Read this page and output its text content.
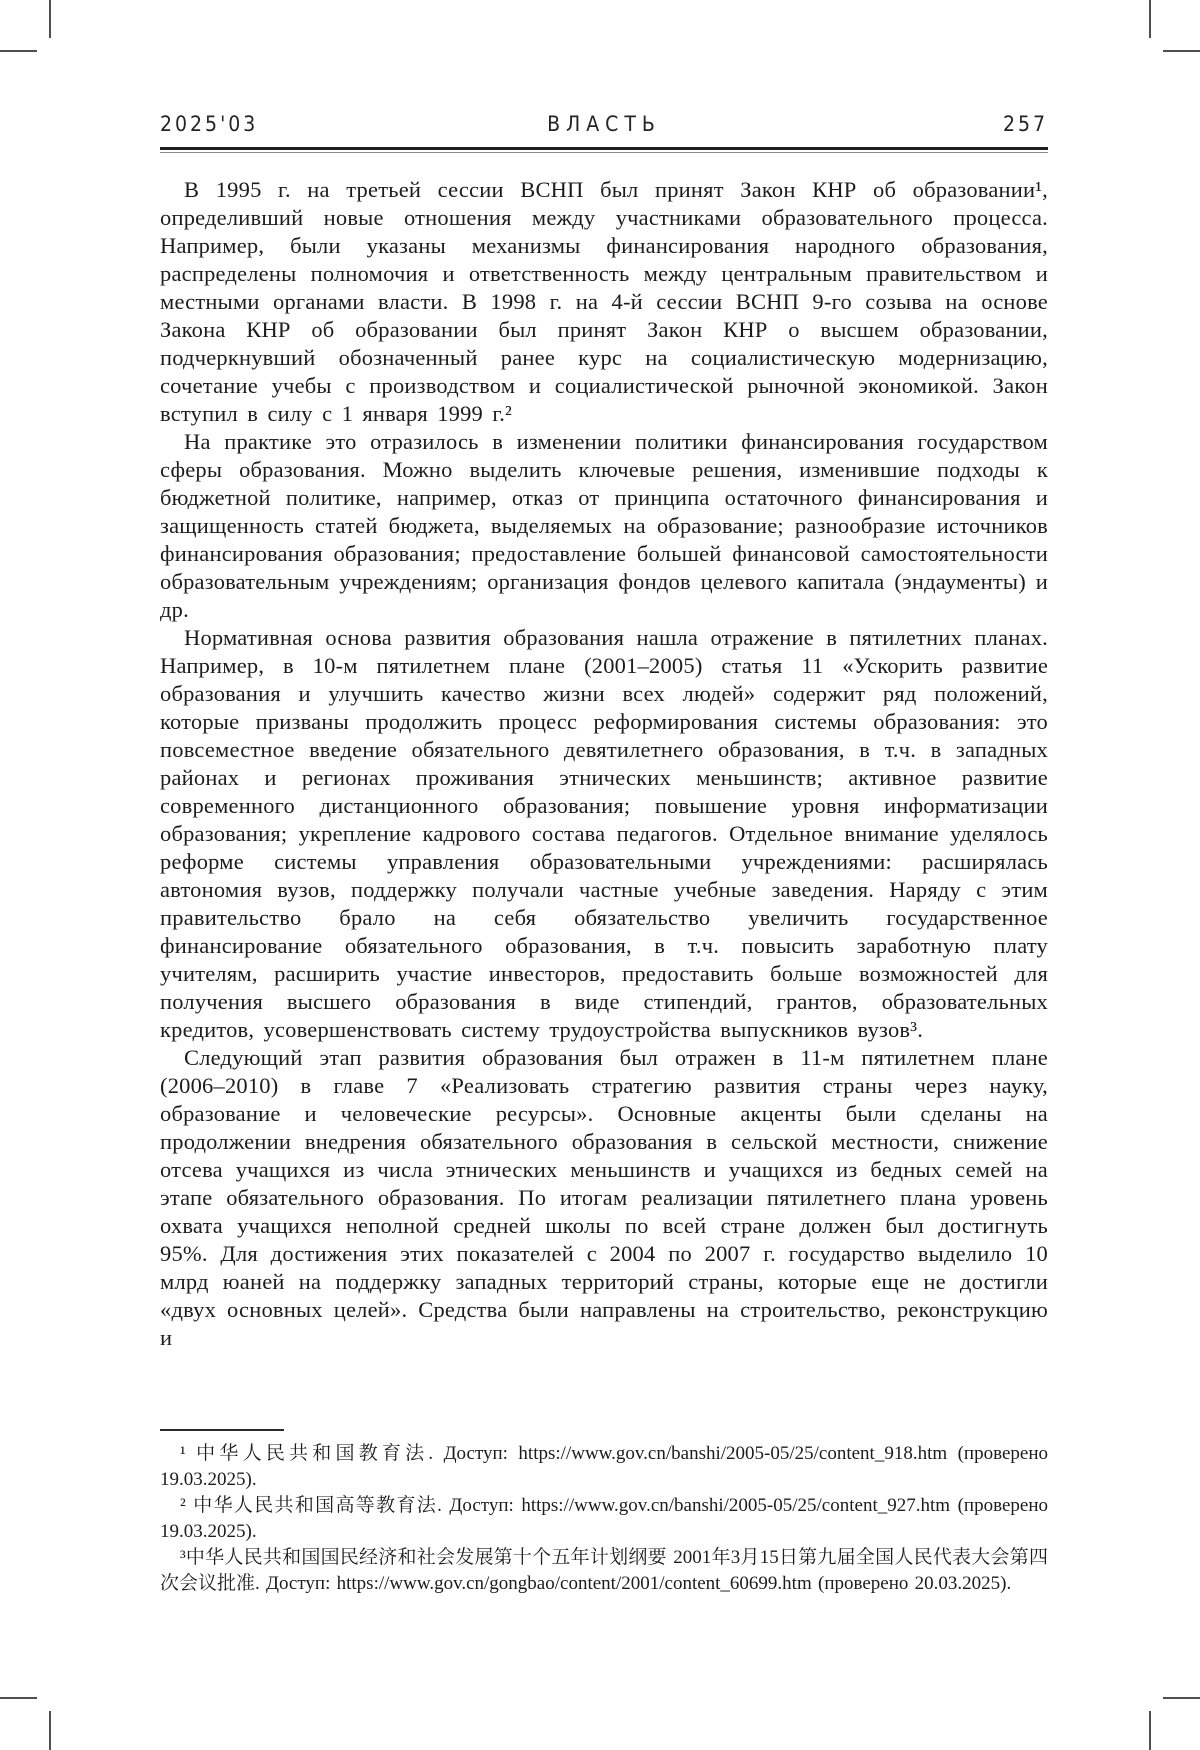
2025'03	ВЛАСТЬ	257

В 1995 г. на третьей сессии ВСНП был принят Закон КНР об образовании¹, определивший новые отношения между участниками образовательного процесса. Например, были указаны механизмы финансирования народного образования, распределены полномочия и ответственность между центральным правительством и местными органами власти. В 1998 г. на 4-й сессии ВСНП 9-го созыва на основе Закона КНР об образовании был принят Закон КНР о высшем образовании, подчеркнувший обозначенный ранее курс на социалистическую модернизацию, сочетание учебы с производством и социалистической рыночной экономикой. Закон вступил в силу с 1 января 1999 г.²

На практике это отразилось в изменении политики финансирования государством сферы образования. Можно выделить ключевые решения, изменившие подходы к бюджетной политике, например, отказ от принципа остаточного финансирования и защищенность статей бюджета, выделяемых на образование; разнообразие источников финансирования образования; предоставление большей финансовой самостоятельности образовательным учреждениям; организация фондов целевого капитала (эндаументы) и др.

Нормативная основа развития образования нашла отражение в пятилетних планах. Например, в 10-м пятилетнем плане (2001–2005) статья 11 «Ускорить развитие образования и улучшить качество жизни всех людей» содержит ряд положений, которые призваны продолжить процесс реформирования системы образования: это повсеместное введение обязательного девятилетнего образования, в т.ч. в западных районах и регионах проживания этнических меньшинств; активное развитие современного дистанционного образования; повышение уровня информатизации образования; укрепление кадрового состава педагогов. Отдельное внимание уделялось реформе системы управления образовательными учреждениями: расширялась автономия вузов, поддержку получали частные учебные заведения. Наряду с этим правительство брало на себя обязательство увеличить государственное финансирование обязательного образования, в т.ч. повысить заработную плату учителям, расширить участие инвесторов, предоставить больше возможностей для получения высшего образования в виде стипендий, грантов, образовательных кредитов, усовершенствовать систему трудоустройства выпускников вузов³.

Следующий этап развития образования был отражен в 11-м пятилетнем плане (2006–2010) в главе 7 «Реализовать стратегию развития страны через науку, образование и человеческие ресурсы». Основные акценты были сделаны на продолжении внедрения обязательного образования в сельской местности, снижение отсева учащихся из числа этнических меньшинств и учащихся из бедных семей на этапе обязательного образования. По итогам реализации пятилетнего плана уровень охвата учащихся неполной средней школы по всей стране должен был достигнуть 95%. Для достижения этих показателей с 2004 по 2007 г. государство выделило 10 млрд юаней на поддержку западных территорий страны, которые еще не достигли «двух основных целей». Средства были направлены на строительство, реконструкцию и

¹ 中华人民共和国教育法. Доступ: https://www.gov.cn/banshi/2005-05/25/content_918.htm (проверено 19.03.2025).

² 中华人民共和国高等教育法. Доступ: https://www.gov.cn/banshi/2005-05/25/content_927.htm (проверено 19.03.2025).

³中华人民共和国国民经济和社会发展第十个五年计划纲要 2001年3月15日第九届全国人民代表大会第四次会议批准. Доступ: https://www.gov.cn/gongbao/content/2001/content_60699.htm (проверено 20.03.2025).
